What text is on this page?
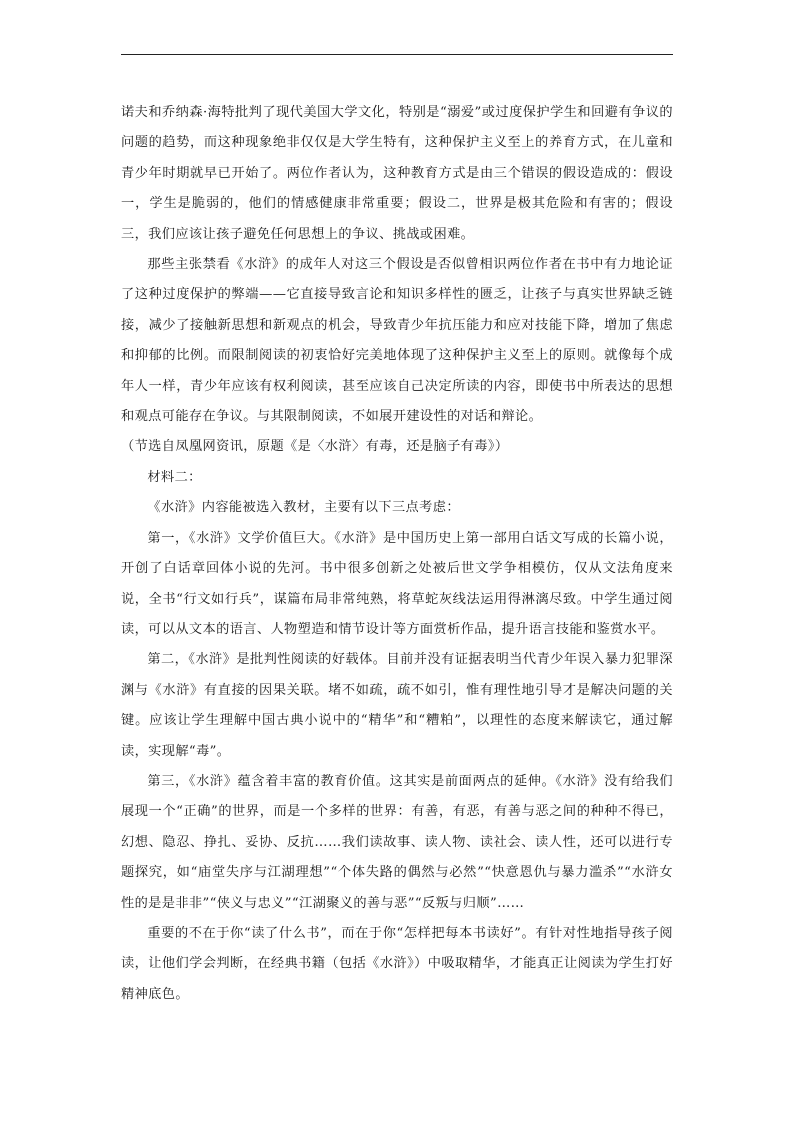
诺夫和乔纳森·海特批判了现代美国大学文化，特别是“溺爱”或过度保护学生和回避有争议的问题的趋势，而这种现象绝非仅仅是大学生特有，这种保护主义至上的养育方式，在儿童和青少年时期就早已开始了。两位作者认为，这种教育方式是由三个错误的假设造成的：假设一，学生是脆弱的，他们的情感健康非常重要；假设二，世界是极其危险和有害的；假设三，我们应该让孩子避免任何思想上的争议、挑战或困难。

那些主张禁看《水浒》的成年人对这三个假设是否似曾相识两位作者在书中有力地论证了这种过度保护的弊端——它直接导致言论和知识多样性的匮乏，让孩子与真实世界缺乏链接，减少了接触新思想和新观点的机会，导致青少年抗压能力和应对技能下降，增加了焦虑和抑郁的比例。而限制阅读的初衷恰好完美地体现了这种保护主义至上的原则。就像每个成年人一样，青少年应该有权利阅读，甚至应该自己决定所读的内容，即使书中所表达的思想和观点可能存在争议。与其限制阅读，不如展开建设性的对话和辩论。

（节选自凤凰网资讯，原题《是〈水浒〉有毒，还是脑子有毒》）

材料二：

《水浒》内容能被选入教材，主要有以下三点考虑：

第一，《水浒》文学价值巨大。《水浒》是中国历史上第一部用白话文写成的长篇小说，开创了白话章回体小说的先河。书中很多创新之处被后世文学争相模仿，仅从文法角度来说，全书“行文如行兵”，谋篇布局非常纯熟，将草蛇灰线法运用得淋漓尽致。中学生通过阅读，可以从文本的语言、人物塑造和情节设计等方面赏析作品，提升语言技能和鉴赏水平。

第二，《水浒》是批判性阅读的好载体。目前并没有证据表明当代青少年误入暴力犯罪深渊与《水浒》有直接的因果关联。堵不如疏，疏不如引，惟有理性地引导才是解决问题的关键。应该让学生理解中国古典小说中的“精华”和“糟粕”，以理性的态度来解读它，通过解读，实现解“毒”。

第三，《水浒》蕴含着丰富的教育价值。这其实是前面两点的延伸。《水浒》没有给我们展现一个“正确”的世界，而是一个多样的世界：有善，有恶，有善与恶之间的种种不得已，幻想、隐忍、挣扎、妥协、反抗……我们读故事、读人物、读社会、读人性，还可以进行专题探究，如“庙堂失序与江湖理想”“个体失路的偶然与必然”“快意恩仇与暴力滥杀”“水浒女性的是是非非”“侠义与忠义”“江湖聚义的善与恶”“反叛与归顺”……

重要的不在于你“读了什么书”，而在于你“怎样把每本书读好”。有针对性地指导孩子阅读，让他们学会判断，在经典书籍（包括《水浒》）中吸取精华，才能真正让阅读为学生打好精神底色。
